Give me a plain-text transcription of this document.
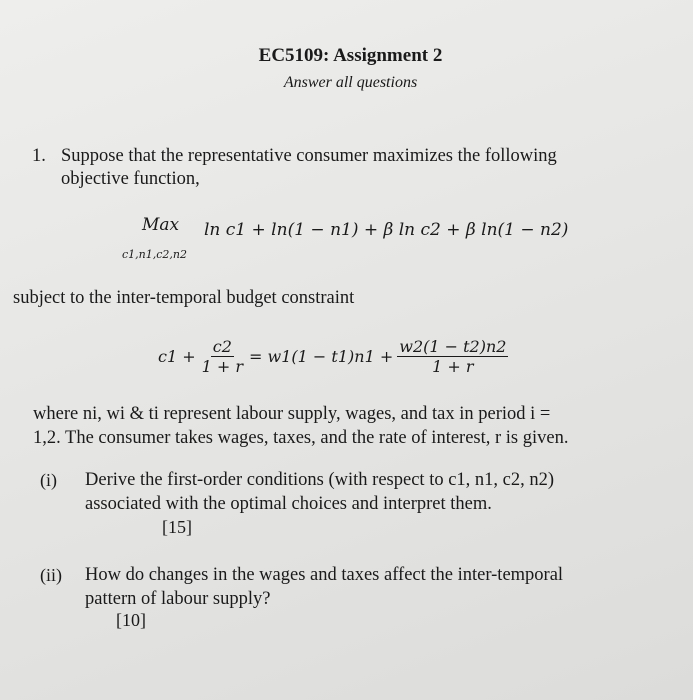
EC5109: Assignment 2
Answer all questions
1. Suppose that the representative consumer maximizes the following
objective function,
Max
c1,n1,c2,n2
ln c1 + ln(1 − n1) + β ln c2 + β ln(1 − n2)
subject to the inter-temporal budget constraint
$c1 + \frac{c2}{1 + r} = w1(1 - t1)n1 + \frac{w2(1 - t2)n2}{1 + r}$
where ni, wi & ti represent labour supply, wages, and tax in period i =
1,2. The consumer takes wages, taxes, and the rate of interest, r is given.
(i) Derive the first-order conditions (with respect to c1, n1, c2, n2)
associated with the optimal choices and interpret them.
[15]
(ii) How do changes in the wages and taxes affect the inter-temporal
pattern of labour supply?
[10]
